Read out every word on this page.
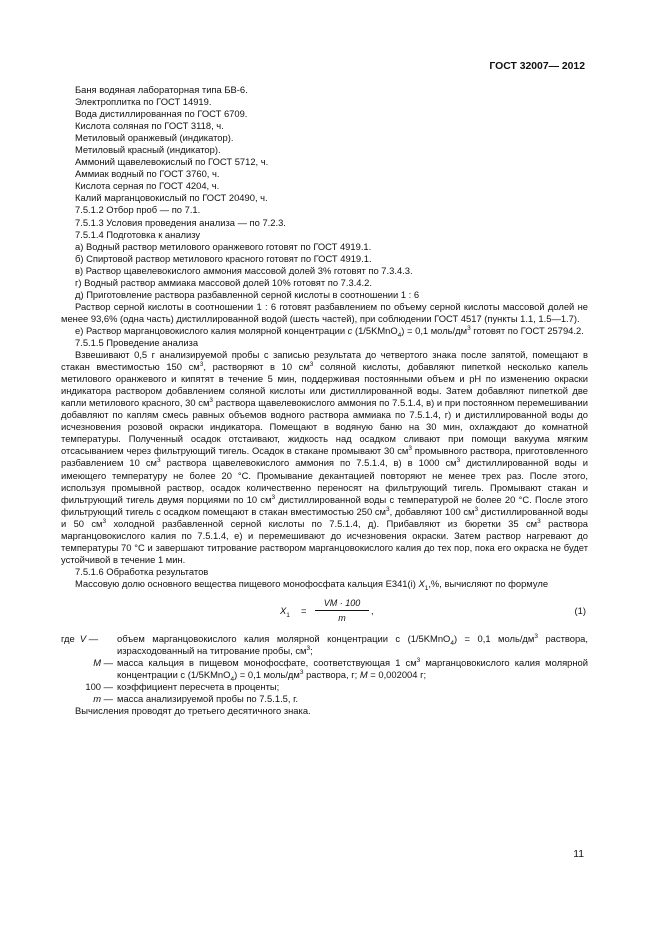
ГОСТ 32007— 2012
Баня водяная лабораторная типа БВ-6.
Электроплитка по ГОСТ 14919.
Вода дистиллированная по ГОСТ 6709.
Кислота соляная по ГОСТ 3118, ч.
Метиловый оранжевый (индикатор).
Метиловый красный (индикатор).
Аммоний щавелевокислый по ГОСТ 5712, ч.
Аммиак водный по ГОСТ 3760, ч.
Кислота серная по ГОСТ 4204, ч.
Калий марганцовокислый по ГОСТ 20490, ч.
7.5.1.2 Отбор проб — по 7.1.
7.5.1.3 Условия проведения анализа — по 7.2.3.
7.5.1.4 Подготовка к анализу
а) Водный раствор метилового оранжевого готовят по ГОСТ 4919.1.
б) Спиртовой раствор метилового красного готовят по ГОСТ 4919.1.
в) Раствор щавелевокислого аммония массовой долей 3% готовят по 7.3.4.3.
г) Водный раствор аммиака массовой долей 10% готовят по 7.3.4.2.
д) Приготовление раствора разбавленной серной кислоты в соотношении 1 : 6
Раствор серной кислоты в соотношении 1 : 6 готовят разбавлением по объему серной кислоты массовой долей не менее 93,6% (одна часть) дистиллированной водой (шесть частей), при соблюдении ГОСТ 4517 (пункты 1.1, 1.5—1.7).
е) Раствор марганцовокислого калия молярной концентрации c (1/5KMnO$_4$) = 0,1 моль/$дм^3$ готовят по ГОСТ 25794.2.
7.5.1.5 Проведение анализа
Взвешивают 0,5 г анализируемой пробы с записью результата до четвертого знака после запятой, помещают в стакан вместимостью 150 $см^3$, растворяют в 10 $см^3$ соляной кислоты, добавляют пипеткой несколько капель метилового оранжевого и кипятят в течение 5 мин, поддерживая постоянными объем и рН по изменению окраски индикатора раствором добавлением соляной кислоты или дистиллированной воды. Затем добавляют пипеткой две капли метилового красного, 30 $см^3$ раствора щавелевокислого аммония по 7.5.1.4, в) и при постоянном перемешивании добавляют по каплям смесь равных объемов водного раствора аммиака по 7.5.1.4, г) и дистиллированной воды до исчезновения розовой окраски индикатора. Помещают в водяную баню на 30 мин, охлаждают до комнатной температуры. Полученный осадок отстаивают, жидкость над осадком сливают при помощи вакуума мягким отсасыванием через фильтрующий тигель. Осадок в стакане промывают 30 $см^3$ промывного раствора, приготовленного разбавлением 10 $см^3$ раствора щавелевокислого аммония по 7.5.1.4, в) в 1000 $см^3$ дистиллированной воды и имеющего температуру не более 20 °С. Промывание декантацией повторяют не менее трех раз. После этого, используя промывной раствор, осадок количественно переносят на фильтрующий тигель. Промывают стакан и фильтрующий тигель двумя порциями по 10 $см^3$ дистиллированной воды с температурой не более 20 °С. После этого фильтрующий тигель с осадком помещают в стакан вместимостью 250 $см^3$, добавляют 100 $см^3$ дистиллированной воды и 50 $см^3$ холодной разбавленной серной кислоты по 7.5.1.4, д). Прибавляют из бюретки 35 $см^3$ раствора марганцовокислого калия по 7.5.1.4, е) и перемешивают до исчезновения окраски. Затем раствор нагревают до температуры 70 °С и завершают титрование раствором марганцовокислого калия до тех пор, пока его окраска не будет устойчивой в течение 1 мин.
7.5.1.6 Обработка результатов
Массовую долю основного вещества пищевого монофосфата кальция Е341(i) $X_1,\%$, вычисляют по формуле
$X_1 = \frac{VM \cdot 100}{m}$ ,	(1)
где V —	объем марганцовокислого калия молярной концентрации с (1/5KMnO$_4$) = 0,1 моль/$дм^3$ раствора, израсходованный на титрование пробы, $см^3$;
M — масса кальция в пищевом монофосфате, соответствующая 1 $см^3$ марганцовокислого калия молярной концентрации с (1/5KMnO$_4$) = 0,1 моль/$дм^3$ раствора, г; M = 0,002004 г;
100 — коэффициент пересчета в проценты;
m — масса анализируемой пробы по 7.5.1.5, г.
Вычисления проводят до третьего десятичного знака.
11
